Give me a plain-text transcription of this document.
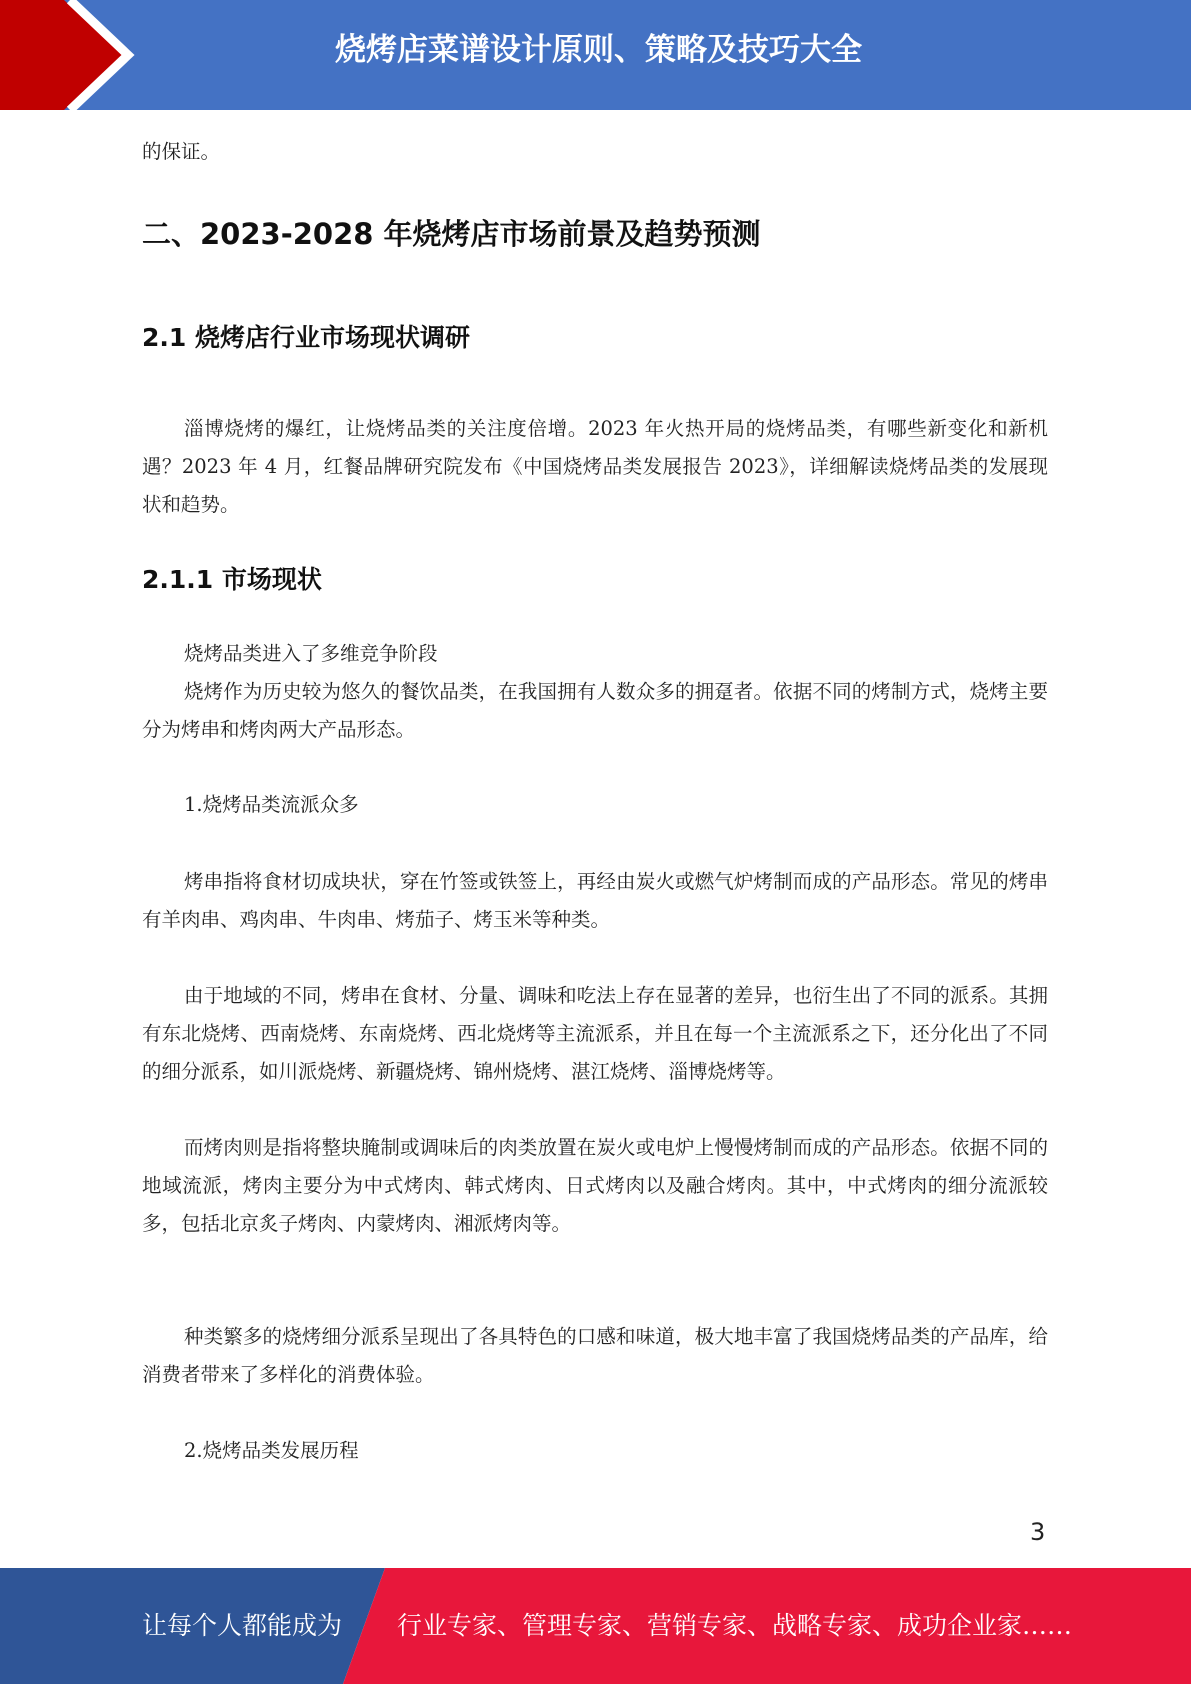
烧烤店菜谱设计原则、策略及技巧大全

的保证。

二、2023-2028 年烧烤店市场前景及趋势预测
2.1 烧烤店行业市场现状调研

淄博烧烤的爆红，让烧烤品类的关注度倍增。2023 年火热开局的烧烤品类，有哪些新变化和新机遇？2023 年 4 月，红餐品牌研究院发布《中国烧烤品类发展报告 2023》，详细解读烧烤品类的发展现状和趋势。

2.1.1 市场现状

烧烤品类进入了多维竞争阶段

烧烤作为历史较为悠久的餐饮品类，在我国拥有人数众多的拥趸者。依据不同的烤制方式，烧烤主要分为烤串和烤肉两大产品形态。

1.烧烤品类流派众多

烤串指将食材切成块状，穿在竹签或铁签上，再经由炭火或燃气炉烤制而成的产品形态。常见的烤串有羊肉串、鸡肉串、牛肉串、烤茄子、烤玉米等种类。

由于地域的不同，烤串在食材、分量、调味和吃法上存在显著的差异，也衍生出了不同的派系。其拥有东北烧烤、西南烧烤、东南烧烤、西北烧烤等主流派系，并且在每一个主流派系之下，还分化出了不同的细分派系，如川派烧烤、新疆烧烤、锦州烧烤、湛江烧烤、淄博烧烤等。

而烤肉则是指将整块腌制或调味后的肉类放置在炭火或电炉上慢慢烤制而成的产品形态。依据不同的地域流派，烤肉主要分为中式烤肉、韩式烤肉、日式烤肉以及融合烤肉。其中，中式烤肉的细分流派较多，包括北京炙子烤肉、内蒙烤肉、湘派烤肉等。

种类繁多的烧烤细分派系呈现出了各具特色的口感和味道，极大地丰富了我国烧烤品类的产品库，给消费者带来了多样化的消费体验。

2.烧烤品类发展历程

3
让每个人都能成为 行业专家、管理专家、营销专家、战略专家、成功企业家……
